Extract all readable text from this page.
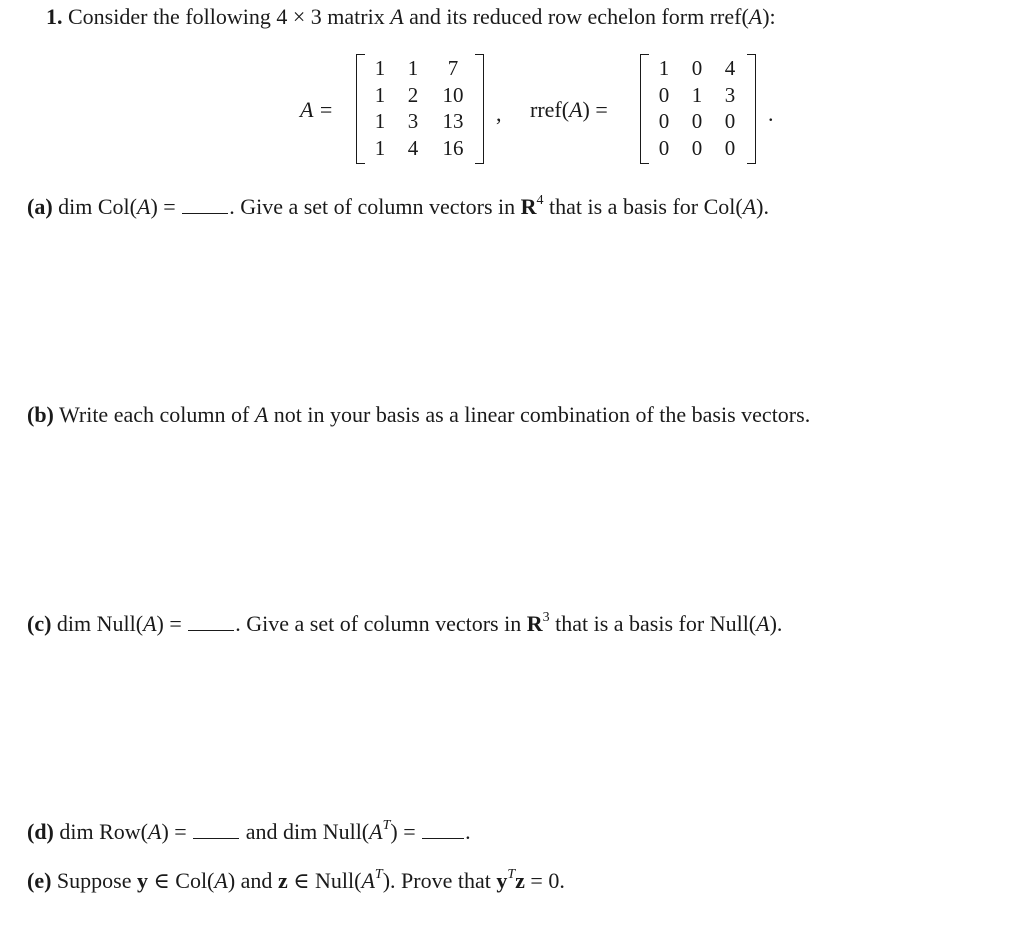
1. Consider the following 4 × 3 matrix A and its reduced row echelon form rref(A):
A =
1	1	7
1	2	10
1	3	13
1	4	16
, rref(A) =
1	0	4
0	1	3
0	0	0
0	0	0
.
(a) dim Col(A) = . Give a set of column vectors in $R^4$ that is a basis for Col(A).
(b) Write each column of A not in your basis as a linear combination of the basis vectors.
(c) dim Null(A) = . Give a set of column vectors in $R^3$ that is a basis for Null(A).
(d) dim Row(A) =  and dim $Null(A^T)$ = .
(e) Suppose y ∈ Col(A) and z ∈ $Null(A^T)$. Prove that $y^Tz = 0$.
